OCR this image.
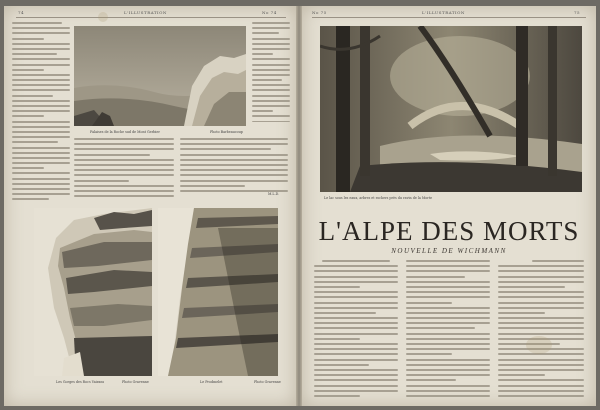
74	L'ILLUSTRATION	No 74
Falaises de la Roche sud de Mont Gerbier	Photo Barbeaucoup
M.L.D.
Les Gorges des Rocs Vairans	Photo Gravenne	Le Prodmelet	Photo Gravenne
No 75	L'ILLUSTRATION	75
Le lac sous les eaux, arbres et rochers près du ravin de la Morte
L'ALPE DES MORTS
NOUVELLE DE WICHMANN
